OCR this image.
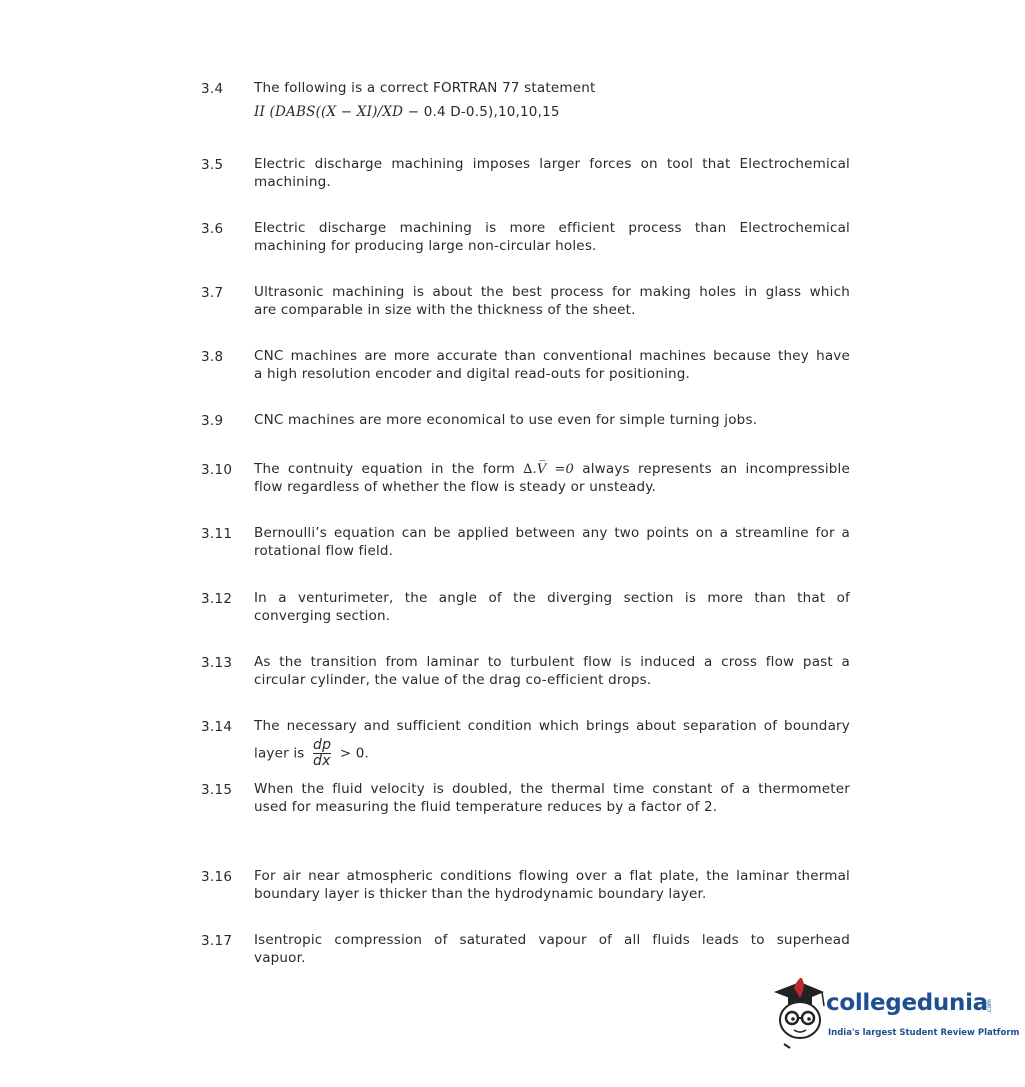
3.4 The following is a correct FORTRAN 77 statement
II (DABS((X − XI)/XD − 0.4 D-0.5),10,10,15
3.5 Electric discharge machining imposes larger forces on tool that Electrochemical
machining.
3.6 Electric discharge machining is more efficient process than Electrochemical
machining for producing large non-circular holes.
3.7 Ultrasonic machining is about the best process for making holes in glass which
are comparable in size with the thickness of the sheet.
3.8 CNC machines are more accurate than conventional machines because they have
a high resolution encoder and digital read-outs for positioning.
3.9 CNC machines are more economical to use even for simple turning jobs.
3.10 The contnuity equation in the form ∆.V̅ =0 always represents an incompressible
flow regardless of whether the flow is steady or unsteady.
3.11 Bernoulli’s equation can be applied between any two points on a streamline for a
rotational flow field.
3.12 In a venturimeter, the angle of the diverging section is more than that of
converging section.
3.13 As the transition from laminar to turbulent flow is induced a cross flow past a
circular cylinder, the value of the drag co-efficient drops.
3.14 The necessary and sufficient condition which brings about separation of boundary
layer is $\frac{dp}{dx} > 0$.
3.15 When the fluid velocity is doubled, the thermal time constant of a thermometer
used for measuring the fluid temperature reduces by a factor of 2.
3.16 For air near atmospheric conditions flowing over a flat plate, the laminar thermal
boundary layer is thicker than the hydrodynamic boundary layer.
3.17 Isentropic compression of saturated vapour of all fluids leads to superhead
vapuor.
collegedunia
.com
India's largest Student Review Platform
